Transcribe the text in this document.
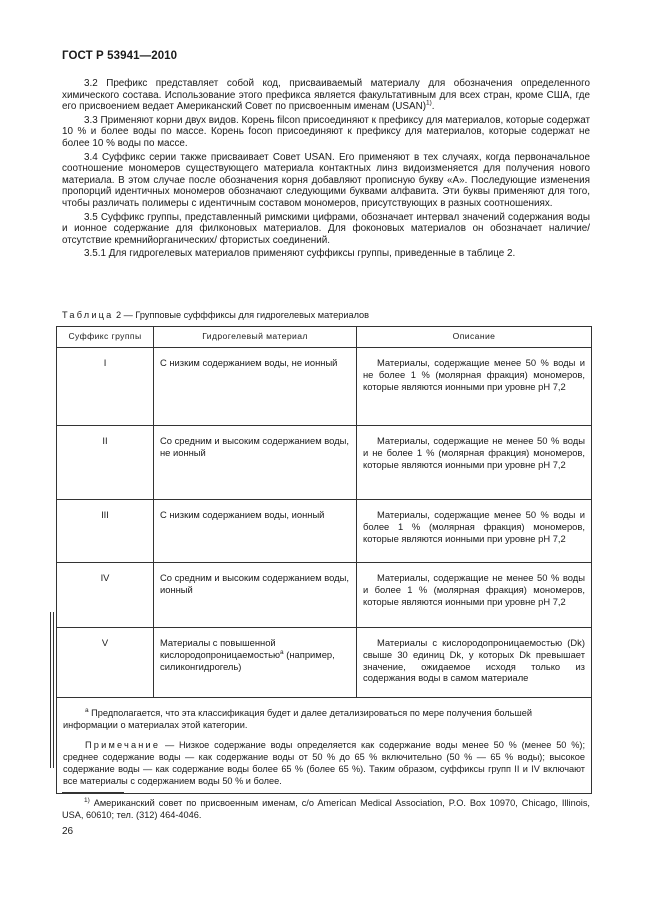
ГОСТ Р 53941—2010

3.2 Префикс представляет собой код, присваиваемый материалу для обозначения определенного химического состава. Использование этого префикса является факультативным для всех стран, кроме США, где его присвоением ведает Американский Совет по присвоенным именам (USAN)$^{1)}$.

3.3 Применяют корни двух видов. Корень filcon присоединяют к префиксу для материалов, которые содержат 10 % и более воды по массе. Корень focon присоединяют к префиксу для материалов, которые содержат не более 10 % воды по массе.

3.4 Суффикс серии также присваивает Совет USAN. Его применяют в тех случаях, когда первоначальное соотношение мономеров существующего материала контактных линз видоизменяется для получения нового материала. В этом случае после обозначения корня добавляют прописную букву «A». Последующие изменения пропорций идентичных мономеров обозначают следующими буквами алфавита. Эти буквы применяют для того, чтобы различать полимеры с идентичным составом мономеров, присутствующих в разных соотношениях.

3.5 Суффикс группы, представленный римскими цифрами, обозначает интервал значений содержания воды и ионное содержание для филконовых материалов. Для фоконовых материалов он обозначает наличие/отсутствие кремнийорганических/ фтористых соединений.

3.5.1 Для гидрогелевых материалов применяют суффиксы группы, приведенные в таблице 2.

Таблица 2 — Групповые суфффиксы для гидрогелевых материалов
Суффикс группы	Гидрогелевый материал	Описание
I	С низким содержанием воды, не ионный	Материалы, содержащие менее 50 % воды и не более 1 % (молярная фракция) мономеров, которые являются ионными при уровне рН 7,2
II	Со средним и высоким содержанием воды, не ионный	Материалы, содержащие не менее 50 % воды и не более 1 % (молярная фракция) мономеров, которые являются ионными при уровне рН 7,2
III	С низким содержанием воды, ионный	Материалы, содержащие менее 50 % воды и более 1 % (молярная фракция) мономеров, которые являются ионными при уровне рН 7,2
IV	Со средним и высоким содержанием воды, ионный	Материалы, содержащие не менее 50 % воды и более 1 % (молярная фракция) мономеров, которые являются ионными при уровне рН 7,2
V	Материалы с повышенной кислородопроницаемостью$^a$ (например, силиконгидрогель)	Материалы с кислородопроницаемостью (Dk) свыше 30 единиц Dk, у которых Dk превышает значение, ожидаемое исходя только из содержания воды в самом материале

$^a$ Предполагается, что эта классификация будет и далее детализироваться по мере получения большей информации о материалах этой категории.

Примечание — Низкое содержание воды определяется как содержание воды менее 50 % (менее 50 %); среднее содержание воды — как содержание воды от 50 % до 65 % включительно (50 % — 65 % воды); высокое содержание воды — как содержание воды более 65 % (более 65 %). Таким образом, суффиксы групп II и IV включают все материалы с содержанием воды 50 % и более.		

$^{1)}$ Американский совет по присвоенным именам, c/o American Medical Association, P.O. Box 10970, Chicago, Illinois, USA, 60610; тел. (312) 464-4046.

26
